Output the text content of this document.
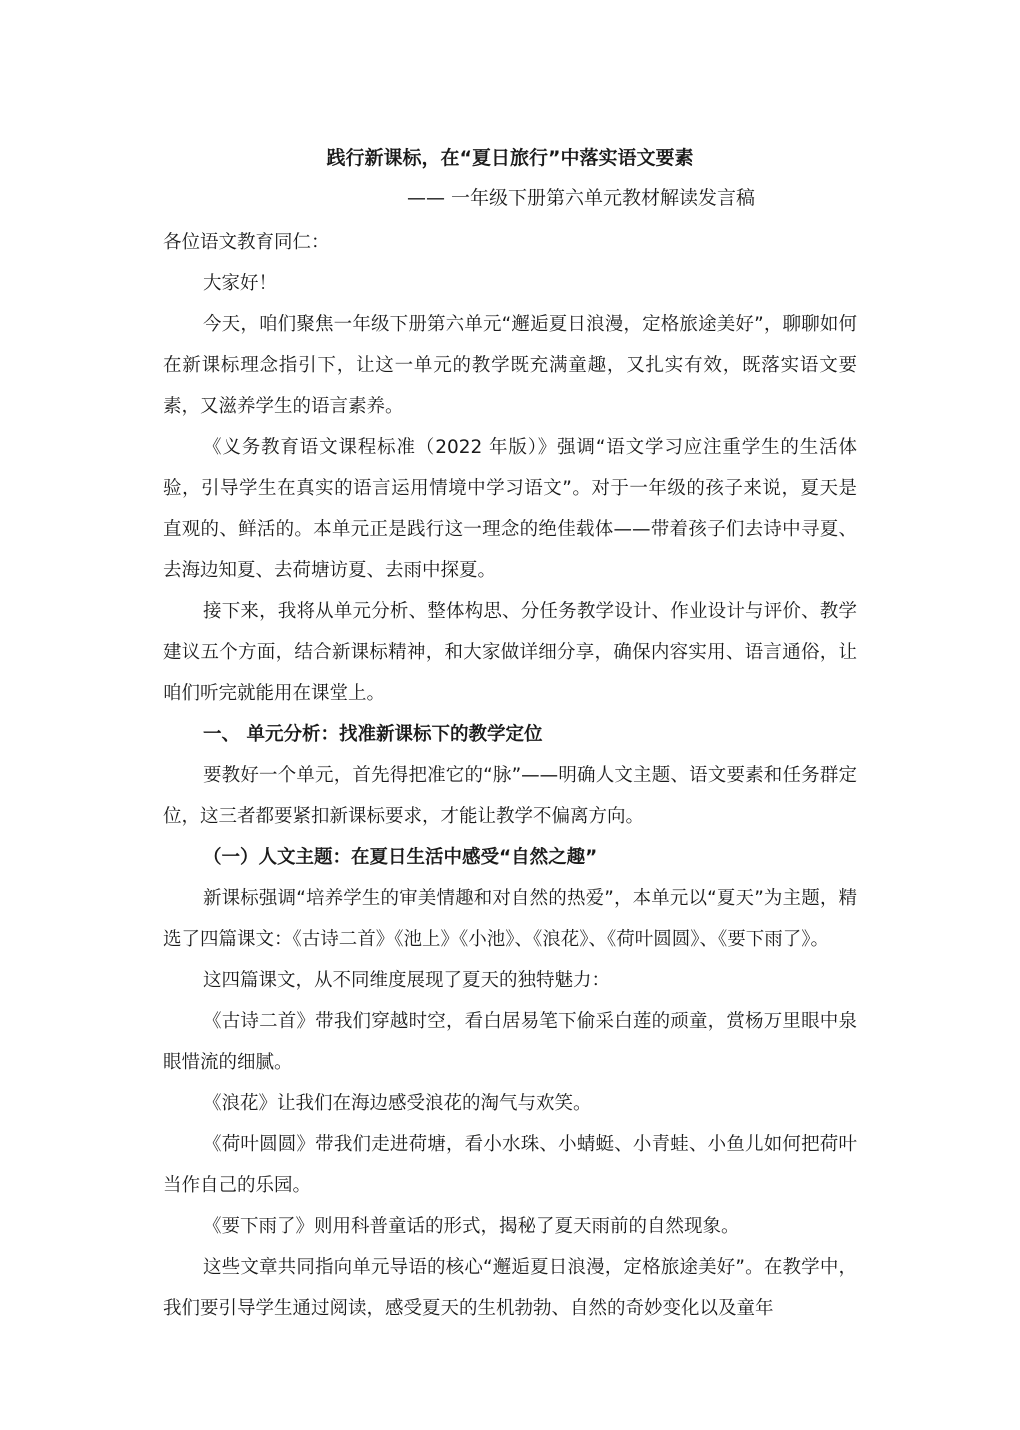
践行新课标，在“夏日旅行”中落实语文要素

—— 一年级下册第六单元教材解读发言稿

各位语文教育同仁：

大家好！

今天，咱们聚焦一年级下册第六单元“邂逅夏日浪漫，定格旅途美好”，聊聊如何在新课标理念指引下，让这一单元的教学既充满童趣，又扎实有效，既落实语文要素，又滋养学生的语言素养。

《义务教育语文课程标准（2022 年版）》强调“语文学习应注重学生的生活体验，引导学生在真实的语言运用情境中学习语文”。对于一年级的孩子来说，夏天是直观的、鲜活的。本单元正是践行这一理念的绝佳载体——带着孩子们去诗中寻夏、去海边知夏、去荷塘访夏、去雨中探夏。

接下来，我将从单元分析、整体构思、分任务教学设计、作业设计与评价、教学建议五个方面，结合新课标精神，和大家做详细分享，确保内容实用、语言通俗，让咱们听完就能用在课堂上。

一、 单元分析：找准新课标下的教学定位

要教好一个单元，首先得把准它的“脉”——明确人文主题、语文要素和任务群定位，这三者都要紧扣新课标要求，才能让教学不偏离方向。

（一）人文主题：在夏日生活中感受“自然之趣”

新课标强调“培养学生的审美情趣和对自然的热爱”，本单元以“夏天”为主题，精选了四篇课文：《古诗二首》《池上》《小池》、《浪花》、《荷叶圆圆》、《要下雨了》。

这四篇课文，从不同维度展现了夏天的独特魅力：

《古诗二首》带我们穿越时空，看白居易笔下偷采白莲的顽童，赏杨万里眼中泉眼惜流的细腻。

《浪花》让我们在海边感受浪花的淘气与欢笑。

《荷叶圆圆》带我们走进荷塘，看小水珠、小蜻蜓、小青蛙、小鱼儿如何把荷叶当作自己的乐园。

《要下雨了》则用科普童话的形式，揭秘了夏天雨前的自然现象。

这些文章共同指向单元导语的核心“邂逅夏日浪漫，定格旅途美好”。在教学中，我们要引导学生通过阅读，感受夏天的生机勃勃、自然的奇妙变化以及童年
